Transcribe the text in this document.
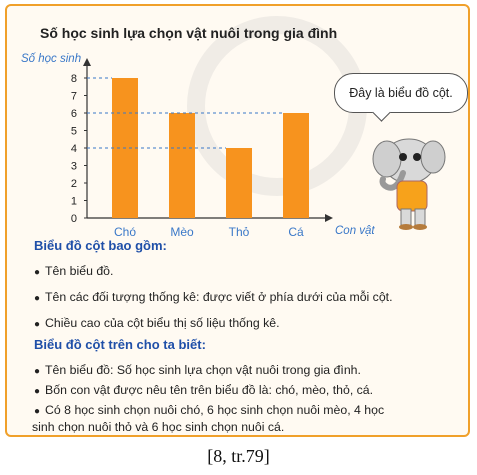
Số học sinh lựa chọn vật nuôi trong gia đình
0
1
2
3
4
5
6
7
8
Số học sinh
Con vật
Chó	Mèo	Thỏ	Cá
Đây là biểu đồ cột.
Biểu đồ cột bao gồm:
● Tên biểu đồ.
● Tên các đối tượng thống kê: được viết ở phía dưới của mỗi cột.
● Chiều cao của cột biểu thị số liệu thống kê.
Biểu đồ cột trên cho ta biết:
● Tên biểu đồ: Số học sinh lựa chọn vật nuôi trong gia đình.
● Bốn con vật được nêu tên trên biểu đồ là: chó, mèo, thỏ, cá.
● Có 8 học sinh chọn nuôi chó, 6 học sinh chọn nuôi mèo, 4 học
sinh chọn nuôi thỏ và 6 học sinh chọn nuôi cá.
[8, tr.79]
